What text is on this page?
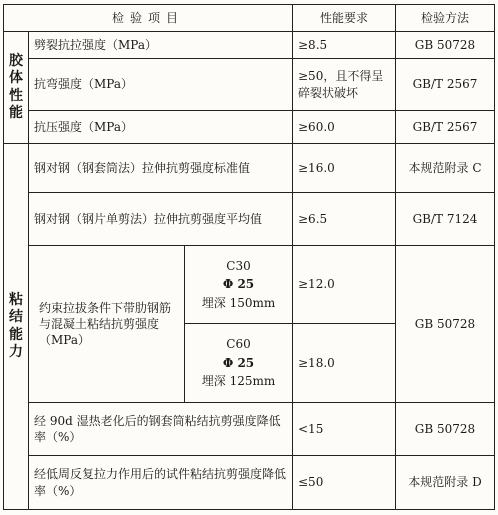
检验项目			性能要求	检验方法

胶
体
性
能	劈裂抗拉强度（MPa）		≥8.5	GB 50728
	抗弯强度（MPa）		≥50，且不得呈碎裂状破坏	GB/T 2567
	抗压强度（MPa）		≥60.0	GB/T 2567

粘
结
能
力	钢对钢（钢套筒法）拉伸抗剪强度标准值		≥16.0	本规范附录 C
	钢对钢（钢片单剪法）拉伸抗剪强度平均值		≥6.5	GB/T 7124
	约束拉拔条件下带肋钢筋与混凝土粘结抗剪强度（MPa）	C30
Φ 25
埋深 150mm	≥12.0	GB 50728

		C60
Φ 25
埋深 125mm	≥18.0	
	经 90d 湿热老化后的钢套筒粘结抗剪强度降低率（%）		<15	GB 50728
	经低周反复拉力作用后的试件粘结抗剪强度降低率（%）		≤50	本规范附录 D
